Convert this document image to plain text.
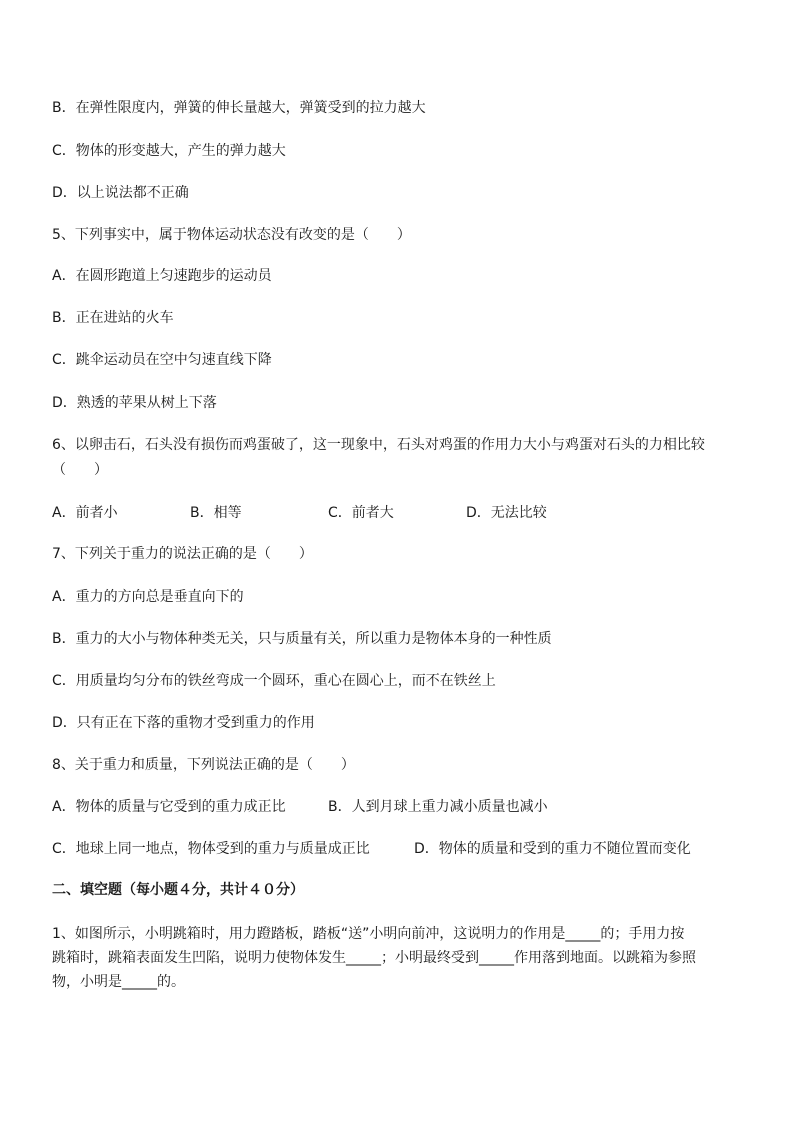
B．在弹性限度内，弹簧的伸长量越大，弹簧受到的拉力越大
C．物体的形变越大，产生的弹力越大
D．以上说法都不正确
5、下列事实中，属于物体运动状态没有改变的是（　　）
A．在圆形跑道上匀速跑步的运动员
B．正在进站的火车
C．跳伞运动员在空中匀速直线下降
D．熟透的苹果从树上下落
6、以卵击石，石头没有损伤而鸡蛋破了，这一现象中，石头对鸡蛋的作用力大小与鸡蛋对石头的力相比较
（　　）
A．前者小	B．相等	C．前者大	D．无法比较
7、下列关于重力的说法正确的是（　　）
A．重力的方向总是垂直向下的
B．重力的大小与物体种类无关，只与质量有关，所以重力是物体本身的一种性质
C．用质量均匀分布的铁丝弯成一个圆环，重心在圆心上，而不在铁丝上
D．只有正在下落的重物才受到重力的作用
8、关于重力和质量，下列说法正确的是（　　）
A．物体的质量与它受到的重力成正比	B．人到月球上重力减小质量也减小
C．地球上同一地点，物体受到的重力与质量成正比	D．物体的质量和受到的重力不随位置而变化
二、填空题（每小题４分，共计４０分）
1、如图所示，小明跳箱时，用力蹬踏板，踏板“送”小明向前冲，这说明力的作用是_____的；手用力按
跳箱时，跳箱表面发生凹陷，说明力使物体发生_____；小明最终受到_____作用落到地面。以跳箱为参照
物，小明是_____的。
